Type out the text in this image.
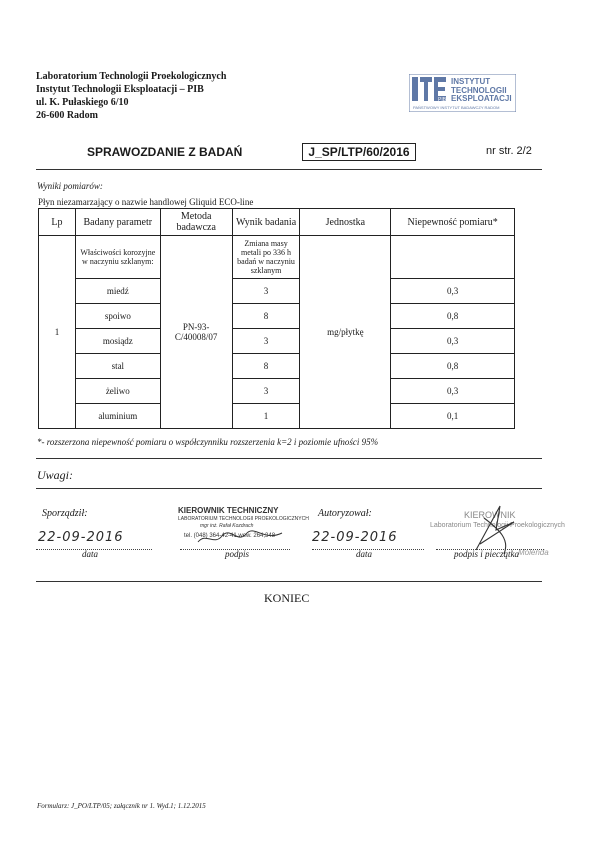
Laboratorium Technologii Proekologicznych
Instytut Technologii Eksploatacji – PIB
ul. K. Pułaskiego 6/10
26-600 Radom
INSTYTUT
TECHNOLOGII
EKSPLOATACJI
PIB
PAŃSTWOWY INSTYTUT BADAWCZY RADOM
SPRAWOZDANIE Z BADAŃ	J_SP/LTP/60/2016	nr str. 2/2
Wyniki pomiarów:
Płyn niezamarzający o nazwie handlowej Gliquid ECO-line
Lp	Badany parametr	Metoda badawcza	Wynik badania	Jednostka	Niepewność pomiaru*
1	Właściwości korozyjne w naczyniu szklanym:	PN-93-C/40008/07	Zmiana masy metali po 336 h badań w naczyniu szklanym	mg/płytkę	
	miedź		3		0,3
	spoiwo		8		0,8
	mosiądz		3		0,3
	stal		8		0,8
	żeliwo		3		0,3
	aluminium		1		0,1
*- rozszerzona niepewność pomiaru o współczynniku rozszerzenia k=2 i poziomie ufności 95%
Uwagi:
Sporządził:
22-09-2016
data
KIEROWNIK TECHNICZNY
LABORATORIUM TECHNOLOGII PROEKOLOGICZNYCH
mgr inż. Rafał Kozdrach
tel. (048) 364-42-41 wew. 264,348
podpis
Autoryzował:
22-09-2016
data
KIEROWNIK
Laboratorium Technologii Proekologicznych
Molenda
podpis i pieczątka
KONIEC
Formularz: J_PO/LTP/05; załącznik nr 1. Wyd.1; 1.12.2015
